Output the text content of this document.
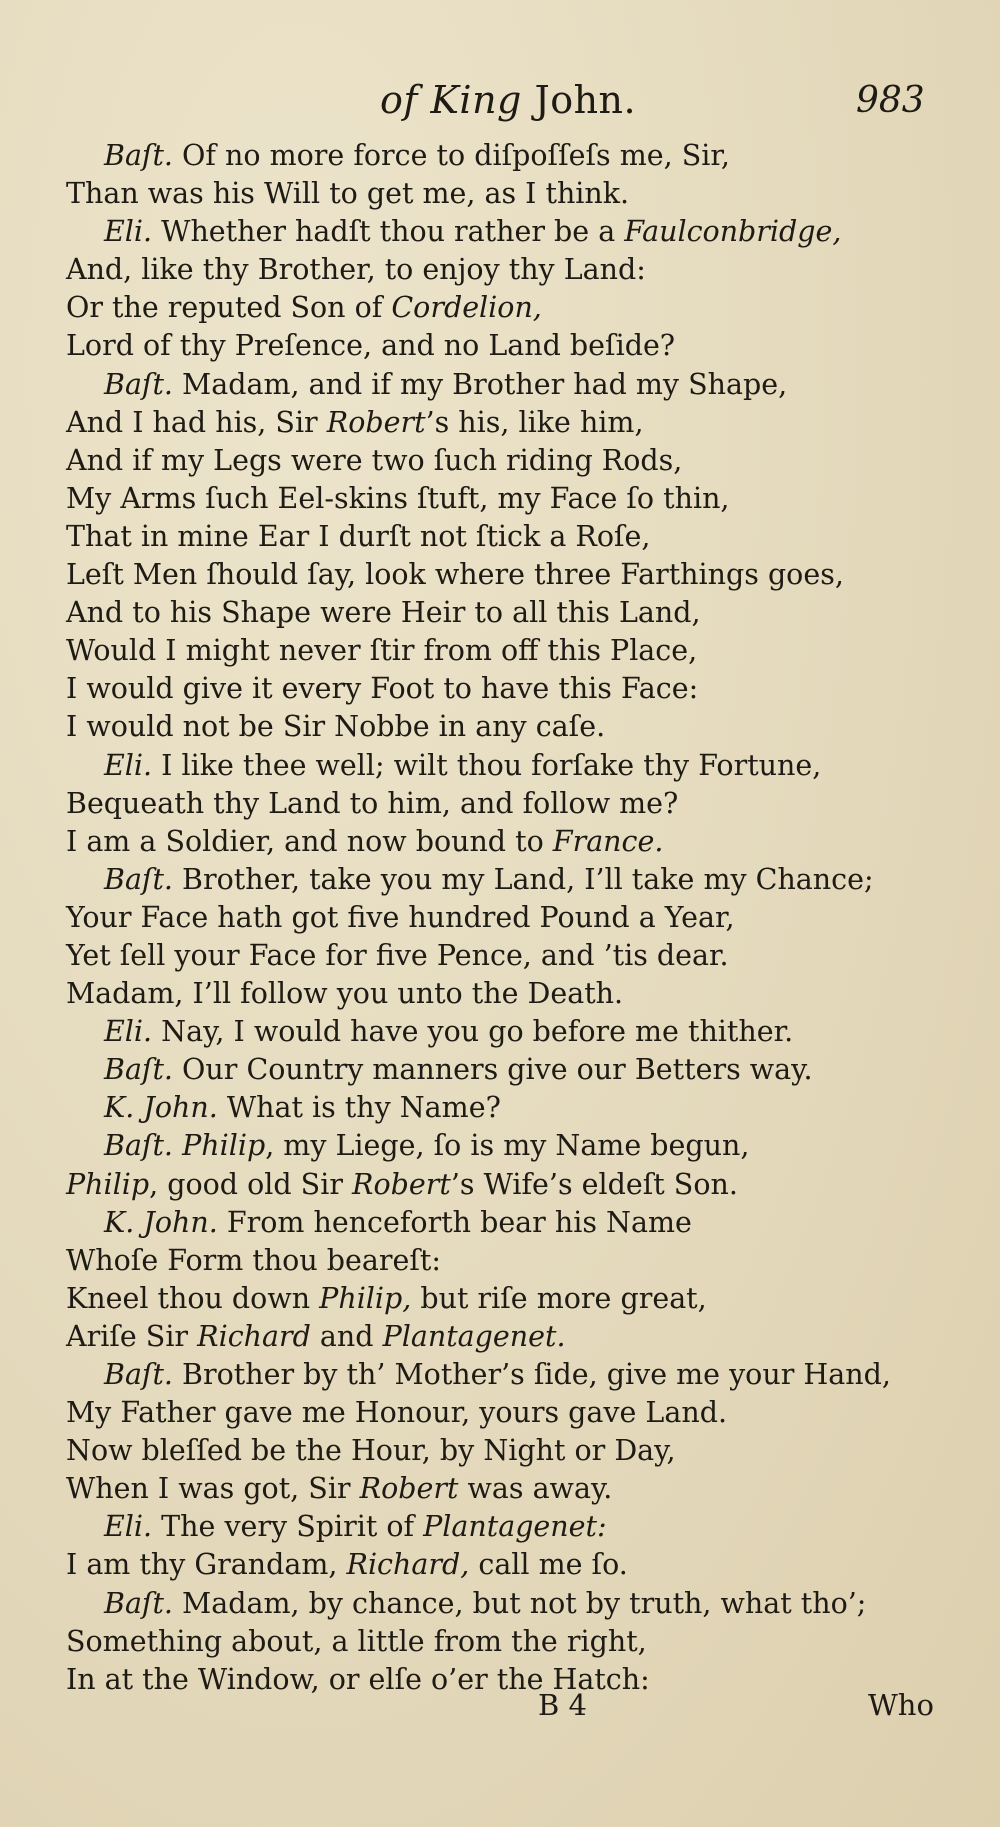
of King John.	983
Baſt. Of no more force to diſpoſſeſs me, Sir,
Than was his Will to get me, as I think.
Eli. Whether hadſt thou rather be a Faulconbridge,
And, like thy Brother, to enjoy thy Land:
Or the reputed Son of Cordelion,
Lord of thy Preſence, and no Land beſide?
Baſt. Madam, and if my Brother had my Shape,
And I had his, Sir Robert’s his, like him,
And if my Legs were two ſuch riding Rods,
My Arms ſuch Eel-skins ſtuft, my Face ſo thin,
That in mine Ear I durſt not ſtick a Roſe,
Leſt Men ſhould ſay, look where three Farthings goes,
And to his Shape were Heir to all this Land,
Would I might never ſtir from off this Place,
I would give it every Foot to have this Face:
I would not be Sir Nobbe in any caſe.
Eli. I like thee well; wilt thou forſake thy Fortune,
Bequeath thy Land to him, and follow me?
I am a Soldier, and now bound to France.
Baſt. Brother, take you my Land, I’ll take my Chance;
Your Face hath got five hundred Pound a Year,
Yet ſell your Face for five Pence, and ’tis dear.
Madam, I’ll follow you unto the Death.
Eli. Nay, I would have you go before me thither.
Baſt. Our Country manners give our Betters way.
K. John. What is thy Name?
Baſt. Philip, my Liege, ſo is my Name begun,
Philip, good old Sir Robert’s Wife’s eldeſt Son.
K. John. From henceforth bear his Name
Whoſe Form thou beareſt:
Kneel thou down Philip, but riſe more great,
Ariſe Sir Richard and Plantagenet.
Baſt. Brother by th’ Mother’s ſide, give me your Hand,
My Father gave me Honour, yours gave Land.
Now bleſſed be the Hour, by Night or Day,
When I was got, Sir Robert was away.
Eli. The very Spirit of Plantagenet:
I am thy Grandam, Richard, call me ſo.
Baſt. Madam, by chance, but not by truth, what tho’;
Something about, a little from the right,
In at the Window, or elſe o’er the Hatch:
B 4	Who
